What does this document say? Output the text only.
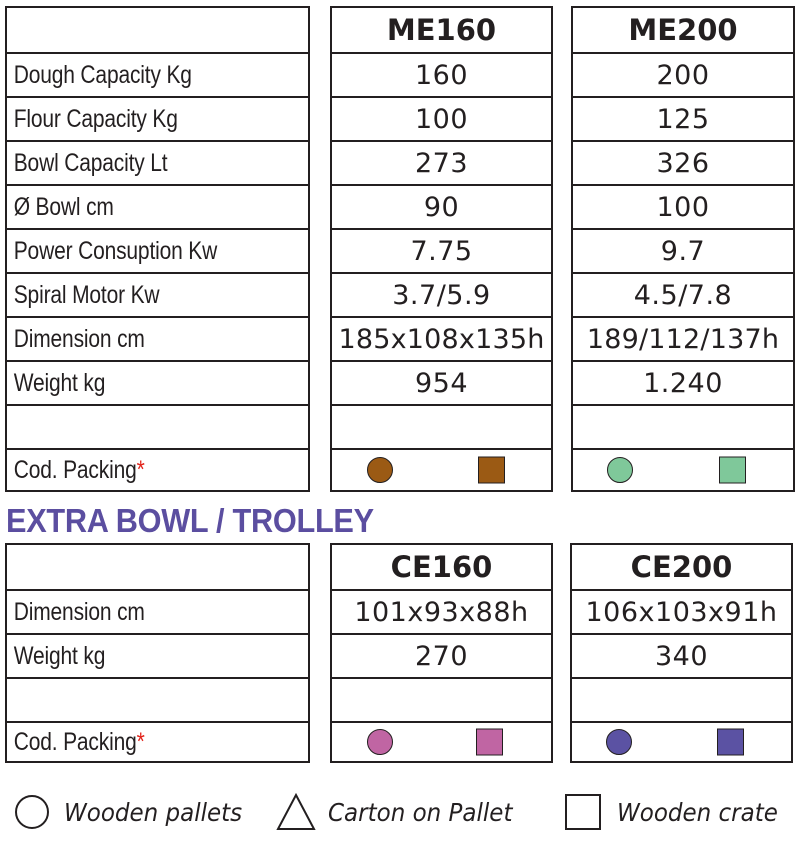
Dough Capacity Kg
Flour Capacity Kg
Bowl Capacity Lt
Ø Bowl cm
Power Consuption Kw
Spiral Motor Kw
Dimension cm
Weight kg
Cod. Packing*
ME160
160
100
273
90
7.75
3.7/5.9
185x108x135h
954
ME200
200
125
326
100
9.7
4.5/7.8
189/112/137h
1.240
EXTRA BOWL / TROLLEY
Dimension cm
Weight kg
Cod. Packing*
CE160
101x93x88h
270
CE200
106x103x91h
340
Wooden pallets	Carton on Pallet	Wooden crate
